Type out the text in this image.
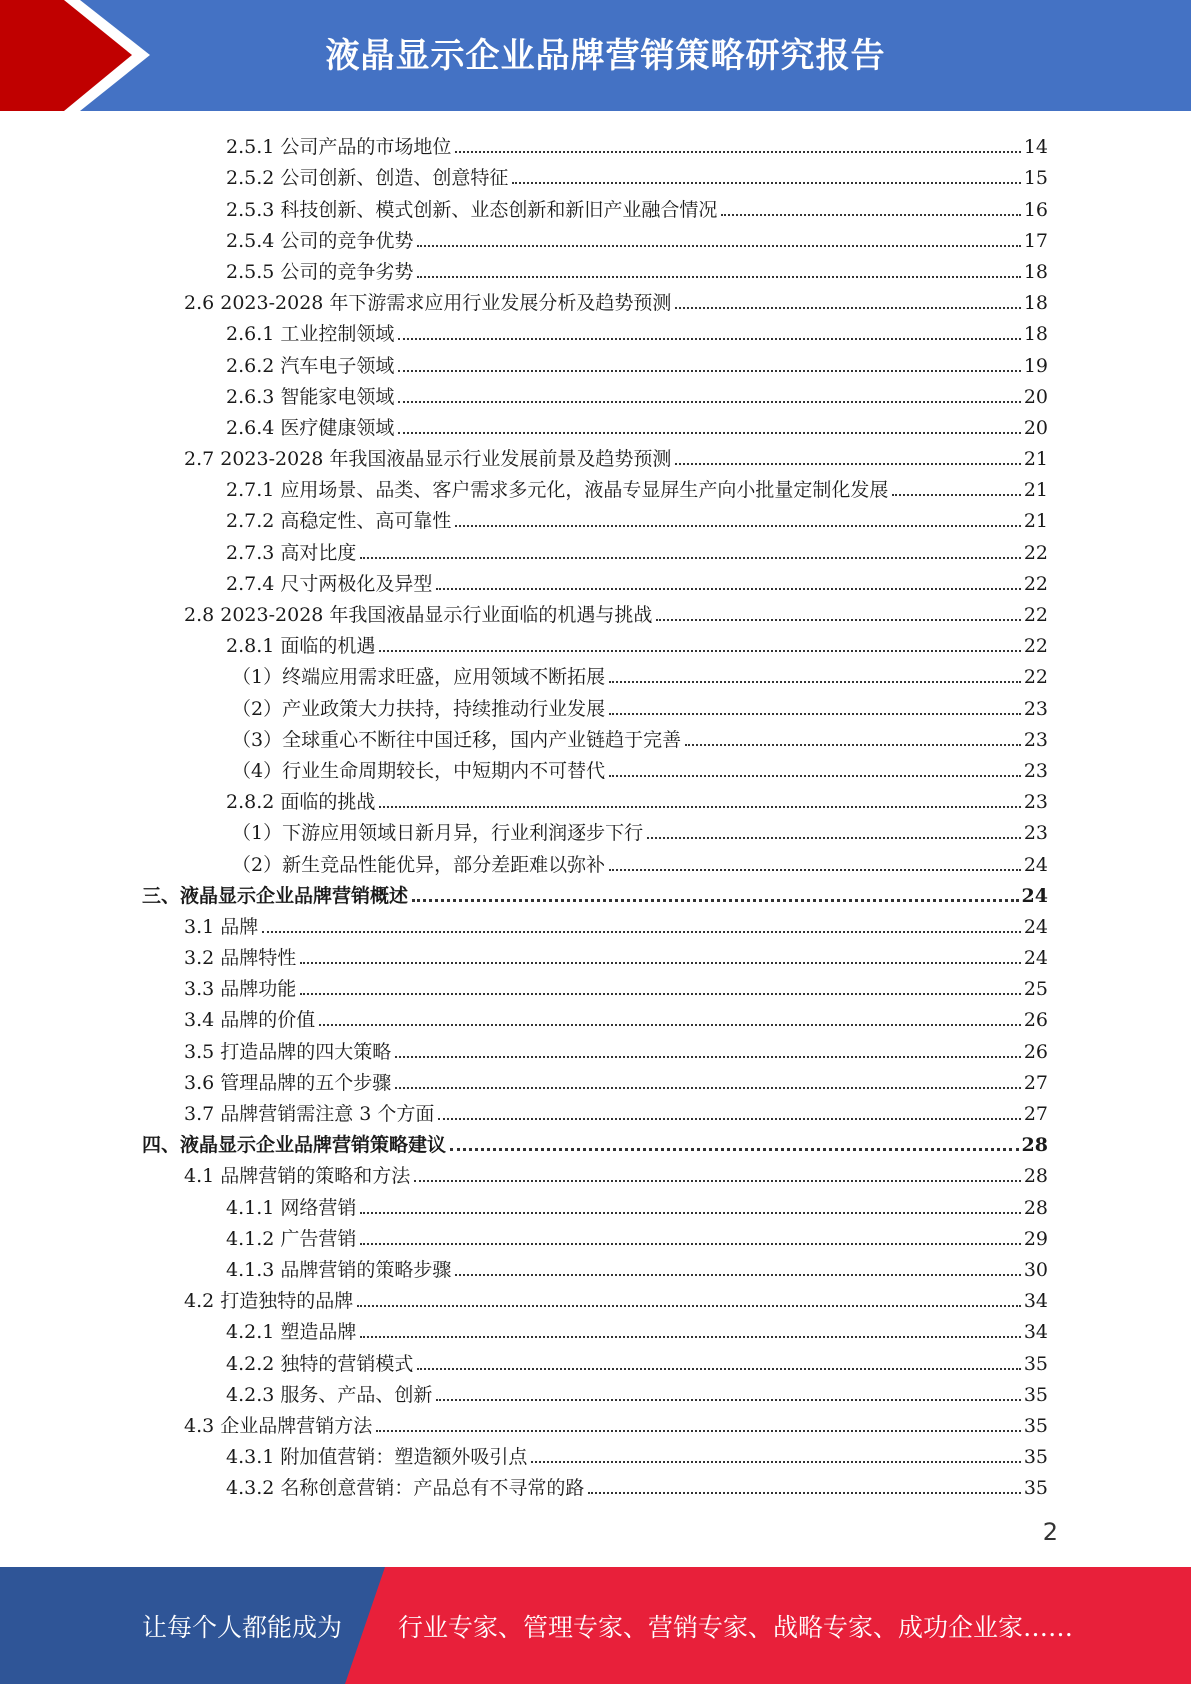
液晶显示企业品牌营销策略研究报告
2.5.1 公司产品的市场地位	14
2.5.2 公司创新、创造、创意特征	15
2.5.3 科技创新、模式创新、业态创新和新旧产业融合情况	16
2.5.4 公司的竞争优势	17
2.5.5 公司的竞争劣势	18
2.6 2023-2028 年下游需求应用行业发展分析及趋势预测	18
2.6.1 工业控制领域	18
2.6.2 汽车电子领域	19
2.6.3 智能家电领域	20
2.6.4 医疗健康领域	20
2.7 2023-2028 年我国液晶显示行业发展前景及趋势预测	21
2.7.1 应用场景、品类、客户需求多元化，液晶专显屏生产向小批量定制化发展	21
2.7.2 高稳定性、高可靠性	21
2.7.3 高对比度	22
2.7.4 尺寸两极化及异型	22
2.8 2023-2028 年我国液晶显示行业面临的机遇与挑战	22
2.8.1 面临的机遇	22
（1）终端应用需求旺盛，应用领域不断拓展	22
（2）产业政策大力扶持，持续推动行业发展	23
（3）全球重心不断往中国迁移，国内产业链趋于完善	23
（4）行业生命周期较长，中短期内不可替代	23
2.8.2 面临的挑战	23
（1）下游应用领域日新月异，行业利润逐步下行	23
（2）新生竞品性能优异，部分差距难以弥补	24
三、液晶显示企业品牌营销概述	24
3.1 品牌	24
3.2 品牌特性	24
3.3 品牌功能	25
3.4 品牌的价值	26
3.5 打造品牌的四大策略	26
3.6 管理品牌的五个步骤	27
3.7 品牌营销需注意 3 个方面	27
四、液晶显示企业品牌营销策略建议	28
4.1 品牌营销的策略和方法	28
4.1.1 网络营销	28
4.1.2 广告营销	29
4.1.3 品牌营销的策略步骤	30
4.2 打造独特的品牌	34
4.2.1 塑造品牌	34
4.2.2 独特的营销模式	35
4.2.3 服务、产品、创新	35
4.3 企业品牌营销方法	35
4.3.1 附加值营销：塑造额外吸引点	35
4.3.2 名称创意营销：产品总有不寻常的路	35
2
让每个人都能成为 行业专家、管理专家、营销专家、战略专家、成功企业家……
